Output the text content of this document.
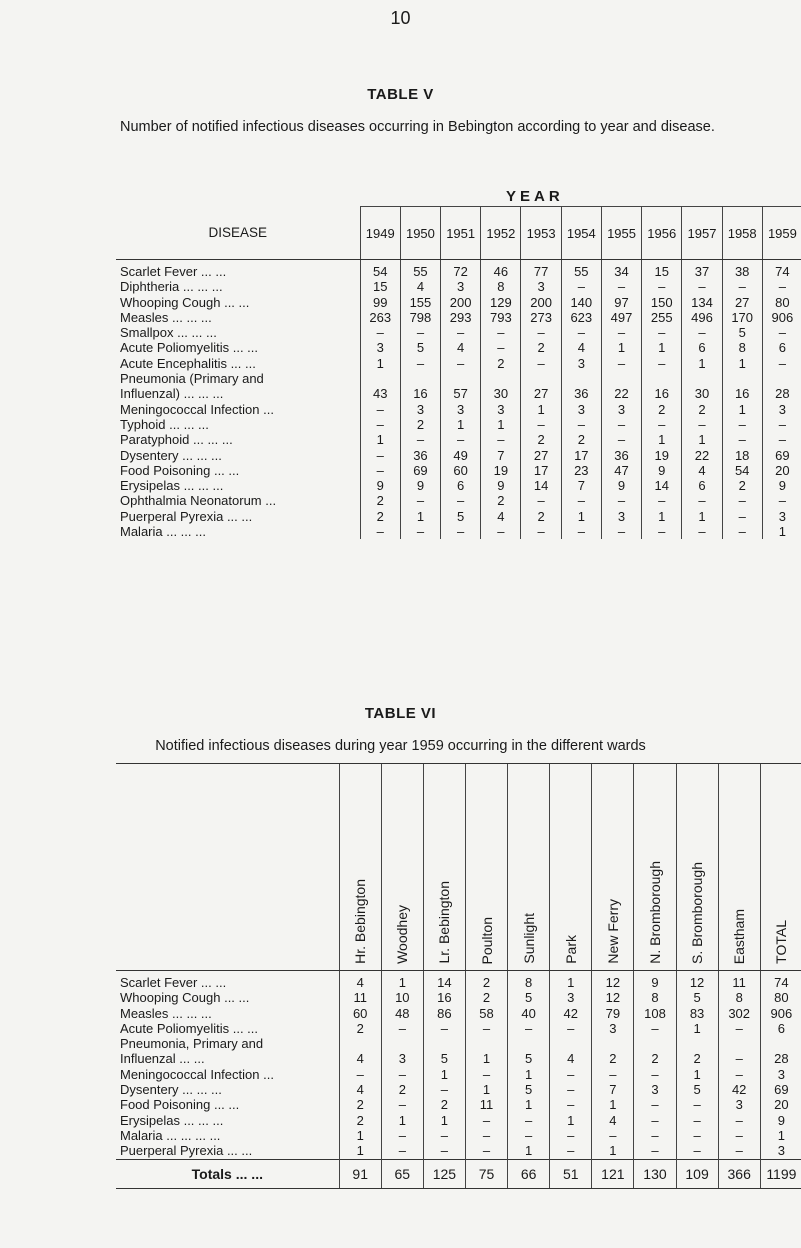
10
TABLE V
Number of notified infectious diseases occurring in Bebington according to year and disease.
YEAR
DISEASE	1949	1950	1951	1952	1953	1954	1955	1956	1957	1958	1959
Scarlet Fever ... ...	54	55	72	46	77	55	34	15	37	38	74
Diphtheria ... ... ...	15	4	3	8	3	–	–	–	–	–	–
Whooping Cough ... ...	99	155	200	129	200	140	97	150	134	27	80
Measles ... ... ...	263	798	293	793	273	623	497	255	496	170	906
Smallpox ... ... ...	–	–	–	–	–	–	–	–	–	5	–
Acute Poliomyelitis ... ...	3	5	4	–	2	4	1	1	6	8	6
Acute Encephalitis ... ...	1	–	–	2	–	3	–	–	1	1	–
Pneumonia (Primary and
Influenzal) ... ... ...	43	16	57	30	27	36	22	16	30	16	28
Meningococcal Infection ...	–	3	3	3	1	3	3	2	2	1	3
Typhoid ... ... ...	–	2	1	1	–	–	–	–	–	–	–
Paratyphoid ... ... ...	1	–	–	–	2	2	–	1	1	–	–
Dysentery ... ... ...	–	36	49	7	27	17	36	19	22	18	69
Food Poisoning ... ...	–	69	60	19	17	23	47	9	4	54	20
Erysipelas ... ... ...	9	9	6	9	14	7	9	14	6	2	9
Ophthalmia Neonatorum ...	2	–	–	2	–	–	–	–	–	–	–
Puerperal Pyrexia ... ...	2	1	5	4	2	1	3	1	1	–	3
Malaria ... ... ...	–	–	–	–	–	–	–	–	–	–	1
TABLE VI
Notified infectious diseases during year 1959 occurring in the different wards

	Hr. Bebington	Woodhey	Lr. Bebington	Poulton	Sunlight	Park	New Ferry	N. Bromborough	S. Bromborough	Eastham	TOTAL

Scarlet Fever ... ...	4	1	14	2	8	1	12	9	12	11	74
Whooping Cough ... ...	11	10	16	2	5	3	12	8	5	8	80
Measles ... ... ...	60	48	86	58	40	42	79	108	83	302	906
Acute Poliomyelitis ... ...	2	–	–	–	–	–	3	–	1	–	6
Pneumonia, Primary and
Influenzal ... ...	4	3	5	1	5	4	2	2	2	–	28
Meningococcal Infection ...	–	–	1	–	1	–	–	–	1	–	3
Dysentery ... ... ...	4	2	–	1	5	–	7	3	5	42	69
Food Poisoning ... ...	2	–	2	11	1	–	1	–	–	3	20
Erysipelas ... ... ...	2	1	1	–	–	1	4	–	–	–	9
Malaria ... ... ... ...	1	–	–	–	–	–	–	–	–	–	1
Puerperal Pyrexia ... ...	1	–	–	–	1	–	1	–	–	–	3
Totals ... ...	91	65	125	75	66	51	121	130	109	366	1199
